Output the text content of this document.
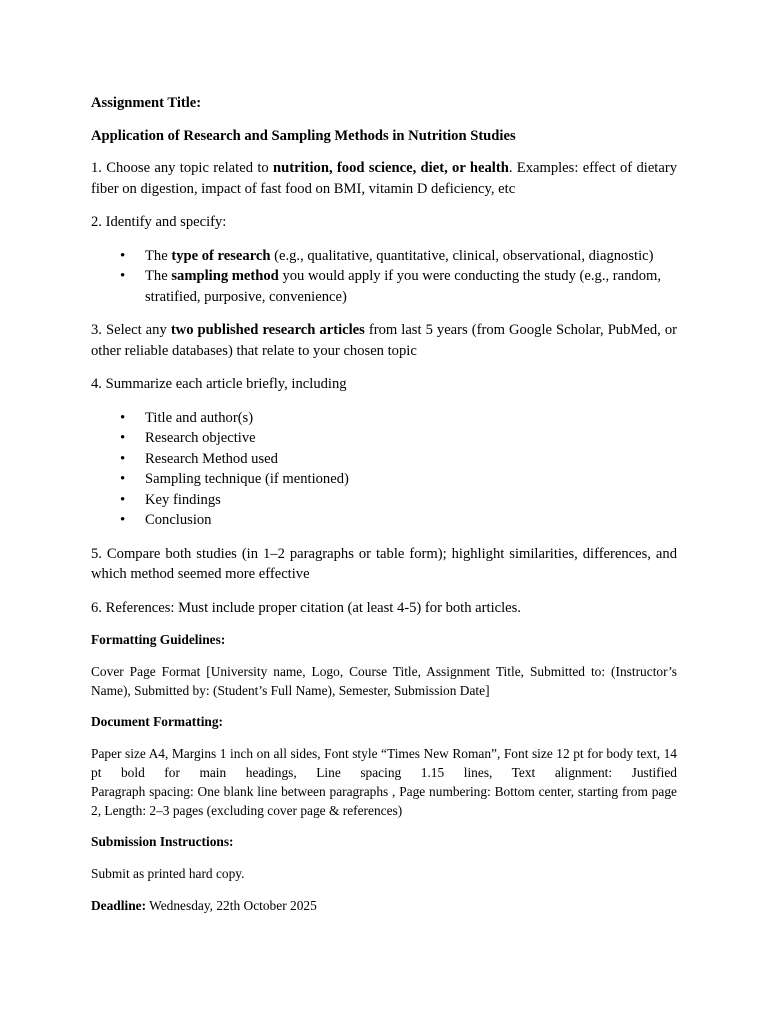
Assignment Title:

Application of Research and Sampling Methods in Nutrition Studies

1. Choose any topic related to nutrition, food science, diet, or health. Examples: effect of dietary fiber on digestion, impact of fast food on BMI, vitamin D deficiency, etc

2. Identify and specify:

• The type of research (e.g., qualitative, quantitative, clinical, observational, diagnostic)
• The sampling method you would apply if you were conducting the study (e.g., random, stratified, purposive, convenience)

3. Select any two published research articles from last 5 years (from Google Scholar, PubMed, or other reliable databases) that relate to your chosen topic

4. Summarize each article briefly, including

• Title and author(s)
• Research objective
• Research Method used
• Sampling technique (if mentioned)
• Key findings
• Conclusion

5. Compare both studies (in 1–2 paragraphs or table form); highlight similarities, differences, and which method seemed more effective

6. References: Must include proper citation (at least 4-5) for both articles.

Formatting Guidelines:

Cover Page Format [University name, Logo, Course Title, Assignment Title, Submitted to: (Instructor’s Name), Submitted by: (Student’s Full Name), Semester, Submission Date]

Document Formatting:

Paper size A4, Margins 1 inch on all sides, Font style “Times New Roman”, Font size 12 pt for body text, 14 pt bold for main headings, Line spacing 1.15 lines, Text alignment: Justified

Paragraph spacing: One blank line between paragraphs , Page numbering: Bottom center, starting from page 2, Length: 2–3 pages (excluding cover page & references)

Submission Instructions:

Submit as printed hard copy.

Deadline: Wednesday, 22th October 2025
